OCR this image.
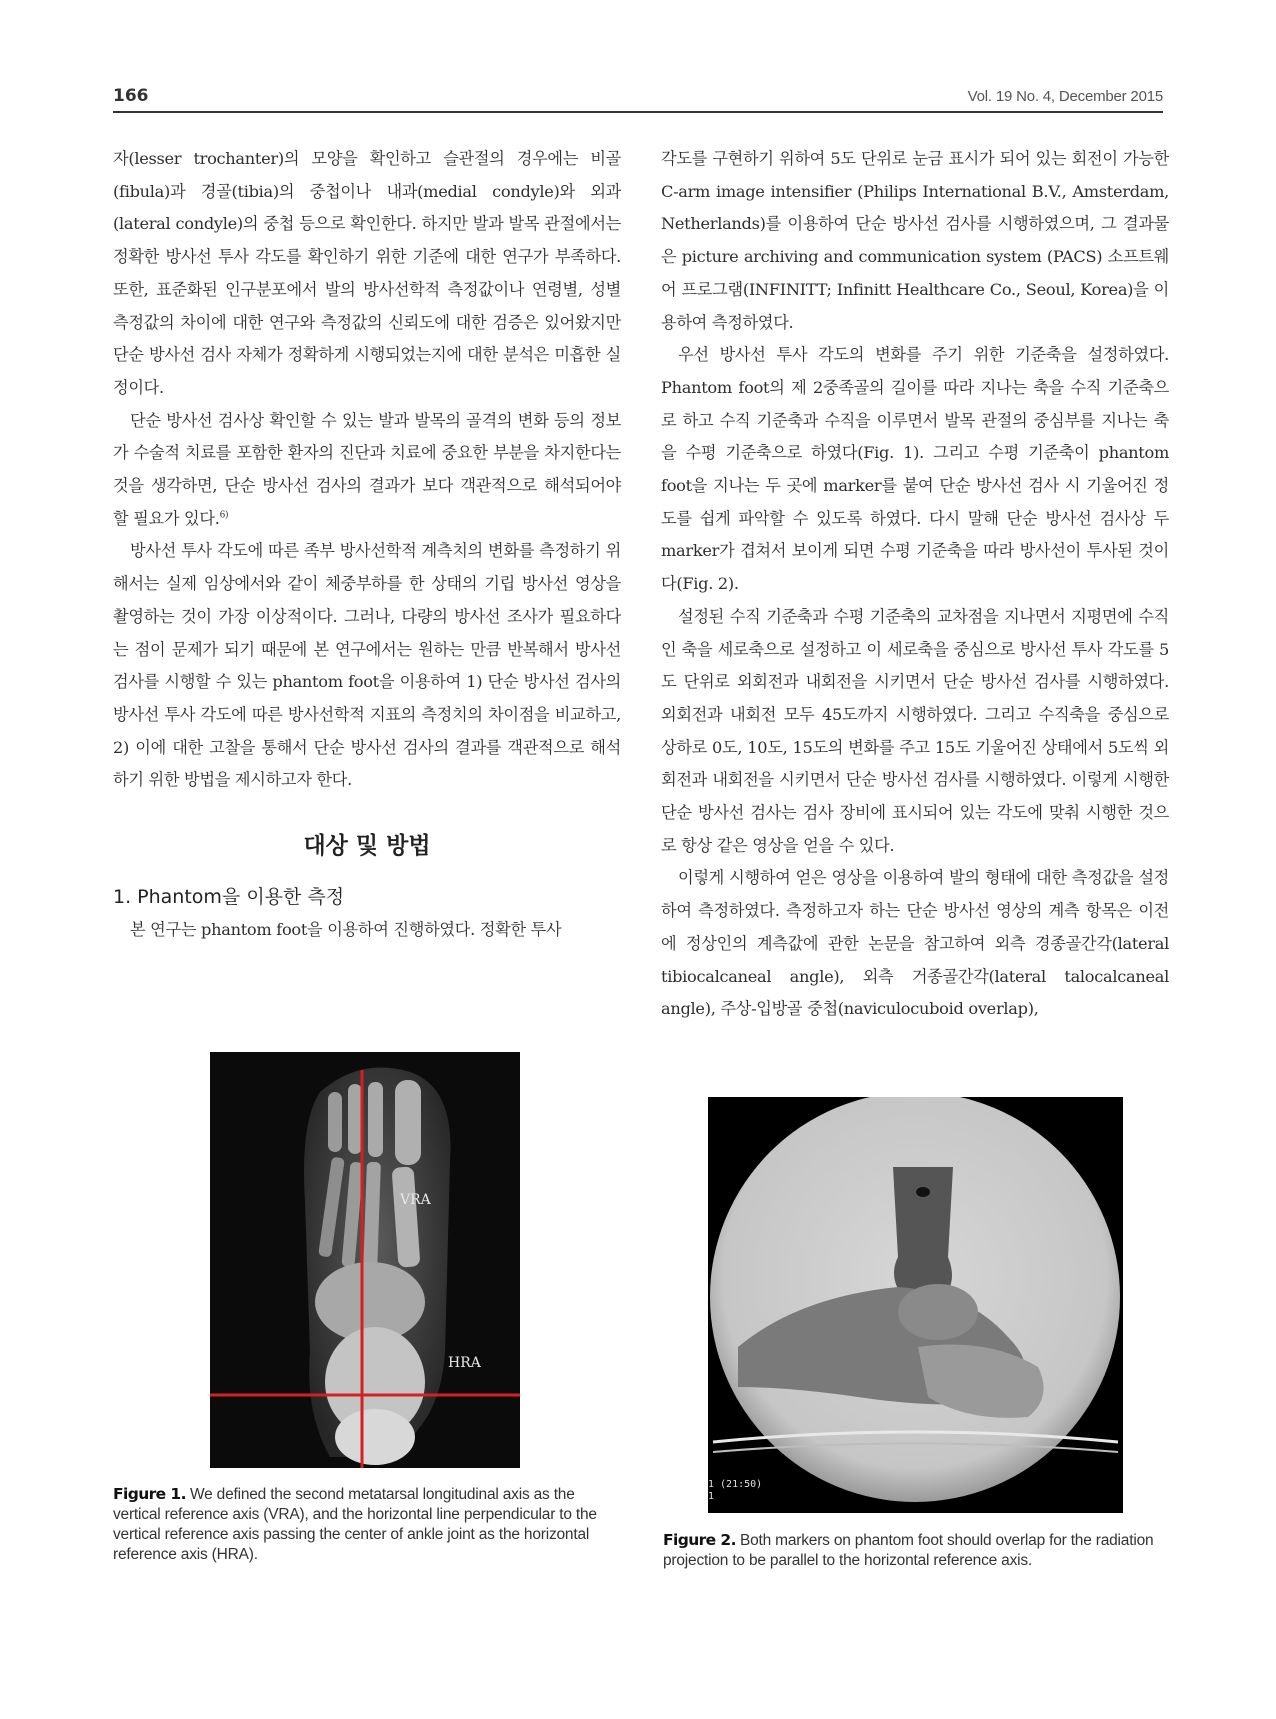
166	Vol. 19 No. 4, December 2015

자(lesser trochanter)의 모양을 확인하고 슬관절의 경우에는 비골(fibula)과 경골(tibia)의 중첩이나 내과(medial condyle)와 외과(lateral condyle)의 중첩 등으로 확인한다. 하지만 발과 발목 관절에서는 정확한 방사선 투사 각도를 확인하기 위한 기준에 대한 연구가 부족하다. 또한, 표준화된 인구분포에서 발의 방사선학적 측정값이나 연령별, 성별 측정값의 차이에 대한 연구와 측정값의 신뢰도에 대한 검증은 있어왔지만 단순 방사선 검사 자체가 정확하게 시행되었는지에 대한 분석은 미흡한 실정이다.

단순 방사선 검사상 확인할 수 있는 발과 발목의 골격의 변화 등의 정보가 수술적 치료를 포함한 환자의 진단과 치료에 중요한 부분을 차지한다는 것을 생각하면, 단순 방사선 검사의 결과가 보다 객관적으로 해석되어야 할 필요가 있다.$^{6)}$

방사선 투사 각도에 따른 족부 방사선학적 계측치의 변화를 측정하기 위해서는 실제 임상에서와 같이 체중부하를 한 상태의 기립 방사선 영상을 촬영하는 것이 가장 이상적이다. 그러나, 다량의 방사선 조사가 필요하다는 점이 문제가 되기 때문에 본 연구에서는 원하는 만큼 반복해서 방사선 검사를 시행할 수 있는 phantom foot을 이용하여 1) 단순 방사선 검사의 방사선 투사 각도에 따른 방사선학적 지표의 측정치의 차이점을 비교하고, 2) 이에 대한 고찰을 통해서 단순 방사선 검사의 결과를 객관적으로 해석하기 위한 방법을 제시하고자 한다.

대상 및 방법
1. Phantom을 이용한 측정

본 연구는 phantom foot을 이용하여 진행하였다. 정확한 투사

각도를 구현하기 위하여 5도 단위로 눈금 표시가 되어 있는 회전이 가능한 C-arm image intensifier (Philips International B.V., Amsterdam, Netherlands)를 이용하여 단순 방사선 검사를 시행하였으며, 그 결과물은 picture archiving and communication system (PACS) 소프트웨어 프로그램(INFINITT; Infinitt Healthcare Co., Seoul, Korea)을 이용하여 측정하였다.

우선 방사선 투사 각도의 변화를 주기 위한 기준축을 설정하였다. Phantom foot의 제 2중족골의 길이를 따라 지나는 축을 수직 기준축으로 하고 수직 기준축과 수직을 이루면서 발목 관절의 중심부를 지나는 축을 수평 기준축으로 하였다(Fig. 1). 그리고 수평 기준축이 phantom foot을 지나는 두 곳에 marker를 붙여 단순 방사선 검사 시 기울어진 정도를 쉽게 파악할 수 있도록 하였다. 다시 말해 단순 방사선 검사상 두 marker가 겹쳐서 보이게 되면 수평 기준축을 따라 방사선이 투사된 것이다(Fig. 2).

설정된 수직 기준축과 수평 기준축의 교차점을 지나면서 지평면에 수직인 축을 세로축으로 설정하고 이 세로축을 중심으로 방사선 투사 각도를 5도 단위로 외회전과 내회전을 시키면서 단순 방사선 검사를 시행하였다. 외회전과 내회전 모두 45도까지 시행하였다. 그리고 수직축을 중심으로 상하로 0도, 10도, 15도의 변화를 주고 15도 기울어진 상태에서 5도씩 외회전과 내회전을 시키면서 단순 방사선 검사를 시행하였다. 이렇게 시행한 단순 방사선 검사는 검사 장비에 표시되어 있는 각도에 맞춰 시행한 것으로 항상 같은 영상을 얻을 수 있다.

이렇게 시행하여 얻은 영상을 이용하여 발의 형태에 대한 측정값을 설정하여 측정하였다. 측정하고자 하는 단순 방사선 영상의 계측 항목은 이전에 정상인의 계측값에 관한 논문을 참고하여 외측 경종골간각(lateral tibiocalcaneal angle), 외측 거종골간각(lateral talocalcaneal angle), 주상-입방골 중첩(naviculocuboid overlap),

VRA
HRA
Figure 1. We defined the second metatarsal longitudinal axis as the vertical reference axis (VRA), and the horizontal line perpendicular to the vertical reference axis passing the center of ankle joint as the horizontal reference axis (HRA).
1 (21:50)
1
Figure 2. Both markers on phantom foot should overlap for the radiation projection to be parallel to the horizontal reference axis.
